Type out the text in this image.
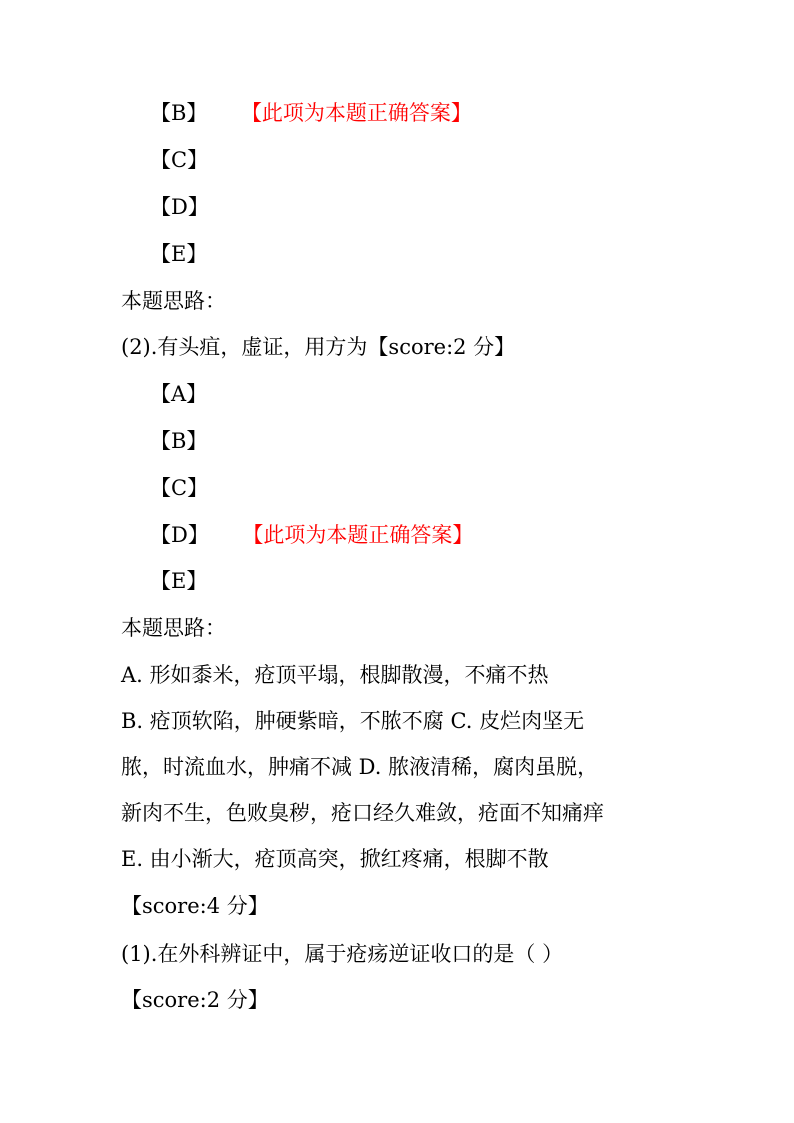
【B】 【此项为本题正确答案】
【C】
【D】
【E】
本题思路：
(2).有头疽，虚证，用方为【score:2 分】
【A】
【B】
【C】
【D】 【此项为本题正确答案】
【E】
本题思路：
A. 形如黍米，疮顶平塌，根脚散漫，不痛不热
B. 疮顶软陷，肿硬紫暗，不脓不腐 C. 皮烂肉坚无
脓，时流血水，肿痛不减 D. 脓液清稀，腐肉虽脱，
新肉不生，色败臭秽，疮口经久难敛，疮面不知痛痒
E. 由小渐大，疮顶高突，掀红疼痛，根脚不散
【score:4 分】
(1).在外科辨证中，属于疮疡逆证收口的是（ ）
【score:2 分】
